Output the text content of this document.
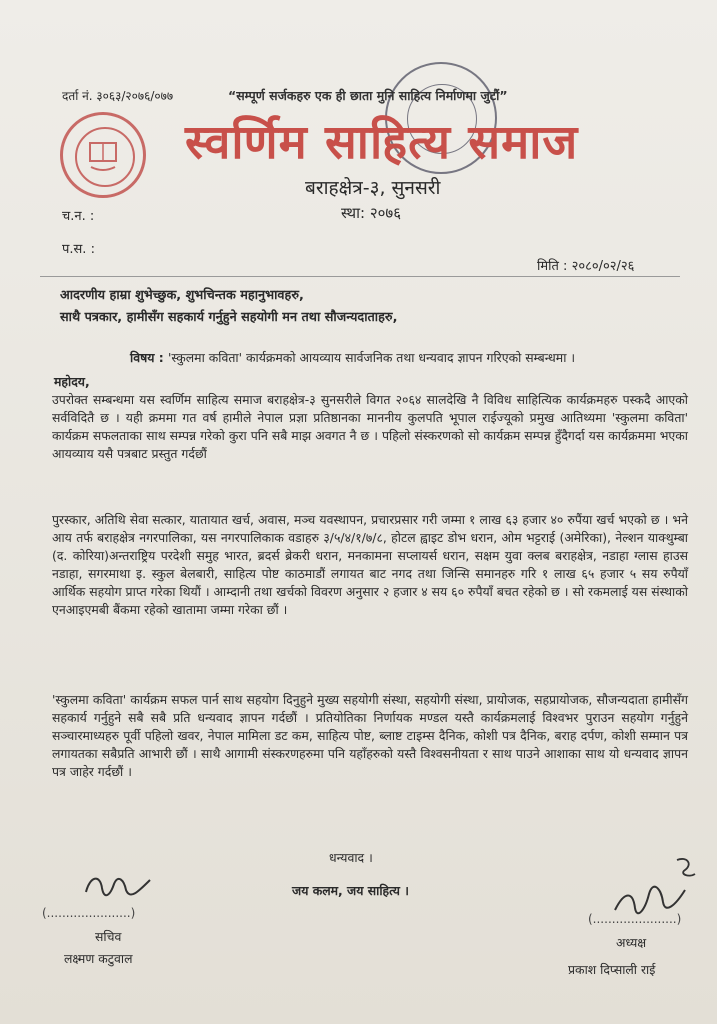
दर्ता नं. ३०६३/२०७६/०७७	“सम्पूर्ण सर्जकहरु एक ही छाता मुनि साहित्य निर्माणमा जुटौं”
स्वर्णिम साहित्य समाज
बराहक्षेत्र-३, सुनसरी
स्था: २०७६
च.न. :
प.स. :
मिति : २०८०/०२/२६
आदरणीय हाम्रा शुभेच्छुक, शुभचिन्तक महानुभावहरु,
साथै पत्रकार, हामीसँग सहकार्य गर्नुहुने सहयोगी मन तथा सौजन्यदाताहरु,
विषय : 'स्कुलमा कविता' कार्यक्रमको आयव्याय सार्वजनिक तथा धन्यवाद ज्ञापन गरिएको सम्बन्धमा ।
महोदय,
उपरोक्त सम्बन्धमा यस स्वर्णिम साहित्य समाज बराहक्षेत्र-३ सुनसरीले विगत २०६४ सालदेखि नै विविध साहित्यिक कार्यक्रमहरु पस्कदै आएको सर्वविदितै छ । यही क्रममा गत वर्ष हामीले नेपाल प्रज्ञा प्रतिष्ठानका माननीय कुलपति भूपाल राईज्यूको प्रमुख आतिथ्यमा 'स्कुलमा कविता' कार्यक्रम सफलताका साथ सम्पन्न गरेको कुरा पनि सबै माझ अवगत नै छ । पहिलो संस्करणको सो कार्यक्रम सम्पन्न हुँदैगर्दा यस कार्यक्रममा भएका आयव्याय यसै पत्रबाट प्रस्तुत गर्दछौं
पुरस्कार, अतिथि सेवा सत्कार, यातायात खर्च, अवास, मञ्च यवस्थापन, प्रचारप्रसार गरी जम्मा १ लाख ६३ हजार ४० रुपैंया खर्च भएको छ । भने आय तर्फ बराहक्षेत्र नगरपालिका, यस नगरपालिकाक वडाहरु ३/५/४/१/७/८, होटल ह्वाइट डोभ धरान, ओम भट्टराई (अमेरिका), नेल्शन याक्थुम्बा (द. कोरिया)अन्तराष्ट्रिय परदेशी समुह भारत, ब्रदर्स ब्रेकरी धरान, मनकामना सप्लायर्स धरान, सक्षम युवा क्लब बराहक्षेत्र, नडाहा ग्लास हाउस नडाहा, सगरमाथा इ. स्कुल बेलबारी, साहित्य पोष्ट काठमाडौं लगायत बाट नगद तथा जिन्सि समानहरु गरि १ लाख ६५ हजार ५ सय रुपैयाँ आर्थिक सहयोग प्राप्त गरेका थियौं । आम्दानी तथा खर्चको विवरण अनुसार २ हजार ४ सय ६० रुपैयाँ बचत रहेको छ । सो रकमलाई यस संस्थाको एनआइएमबी बैंकमा रहेको खातामा जम्मा गरेका छौं ।
'स्कुलमा कविता' कार्यक्रम सफल पार्न साथ सहयोग दिनुहुने मुख्य सहयोगी संस्था, सहयोगी संस्था, प्रायोजक, सहप्रायोजक, सौजन्यदाता हामीसँग सहकार्य गर्नुहुने सबै सबै प्रति धन्यवाद ज्ञापन गर्दछौं । प्रतियोतिका निर्णायक मण्डल यस्तै कार्यक्रमलाई विश्वभर पुराउन सहयोग गर्नुहुने सञ्चारमाध्यहरु पूर्वी पहिलो खवर, नेपाल मामिला डट कम, साहित्य पोष्ट, ब्लाष्ट टाइम्स दैनिक, कोशी पत्र दैनिक, बराह दर्पण, कोशी सम्मान पत्र लगायतका सबैप्रति आभारी छौं । साथै आगामी संस्करणहरुमा पनि यहाँहरुको यस्तै विश्वसनीयता र साथ पाउने आशाका साथ यो धन्यवाद ज्ञापन पत्र जाहेर गर्दछौं ।
धन्यवाद ।
जय कलम, जय साहित्य ।
(......................)
सचिव
लक्ष्मण कटुवाल
(......................)
अध्यक्ष
प्रकाश दिप्साली राई
